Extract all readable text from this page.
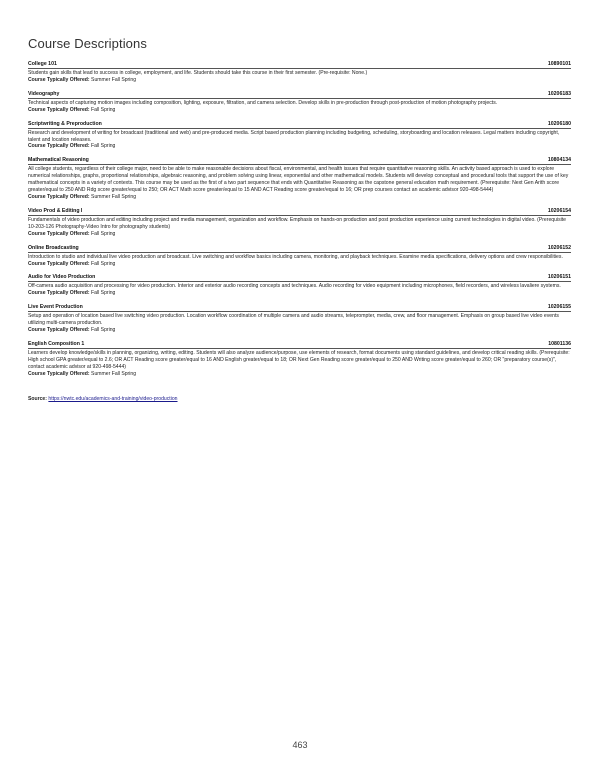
Course Descriptions
College 101	10890101
Students gain skills that lead to success in college, employment, and life. Students should take this course in their first semester. (Pre-requisite: None.)
Course Typically Offered: Summer Fall Spring
Videography	10206183
Technical aspects of capturing motion images including composition, lighting, exposure, filtration, and camera selection. Develop skills in pre-production through post-production of motion photography projects.
Course Typically Offered: Fall Spring
Scriptwriting & Preproduction	10206180
Research and development of writing for broadcast (traditional and web) and pre-produced media. Script based production planning including budgeting, scheduling, storyboarding and location releases. Legal matters including copyright, talent and location releases.
Course Typically Offered: Fall Spring
Mathematical Reasoning	10804134
All college students, regardless of their college major, need to be able to make reasonable decisions about fiscal, environmental, and health issues that require quantitative reasoning skills. An activity based approach is used to explore numerical relationships, graphs, proportional relationships, algebraic reasoning, and problem solving using linear, exponential and other mathematical models. Students will develop conceptual and procedural tools that support the use of key mathematical concepts in a variety of contexts. This course may be used as the first of a two part sequence that ends with Quantitative Reasoning as the capstone general education math requirement. (Prerequisite: Next Gen Arith score greater/equal to 250 AND Rdg score greater/equal to 250; OR ACT Math score greater/equal to 15 AND ACT Reading score greater/equal to 16; OR prep courses contact an academic advisor 920-498-5444)
Course Typically Offered: Summer Fall Spring
Video Prod & Editing I	10206154
Fundamentals of video production and editing including project and media management, organization and workflow. Emphasis on hands-on production and post production experience using current technologies in digital video. (Prerequisite 10-203-126 Photography-Video Intro for photography students)
Course Typically Offered: Fall Spring
Online Broadcasting	10206152
Introduction to studio and individual live video production and broadcast. Live switching and workflow basics including camera, monitoring, and playback techniques. Examine media specifications, delivery options and crew responsibilities.
Course Typically Offered: Fall Spring
Audio for Video Production	10206151
Off-camera audio acquisition and processing for video production. Interior and exterior audio recording concepts and techniques. Audio recording for video equipment including microphones, field recorders, and wireless lavaliere systems.
Course Typically Offered: Fall Spring
Live Event Production	10206155
Setup and operation of location based live switching video production. Location workflow coordination of multiple camera and audio streams, teleprompter, media, crew, and floor management. Emphasis on group based live video events utilizing multi-camera production.
Course Typically Offered: Fall Spring
English Composition 1	10801136
Learners develop knowledge/skills in planning, organizing, writing, editing. Students will also analyze audience/purpose, use elements of research, format documents using standard guidelines, and develop critical reading skills. (Prerequisite: High school GPA greater/equal to 2.6; OR ACT Reading score greater/equal to 16 AND English greater/equal to 18; OR Next Gen Reading score greater/equal to 250 AND Writing score greater/equal to 260; OR "preparatory course(s)", contact academic advisor at 920-498-5444)
Course Typically Offered: Summer Fall Spring
Source: https://nwtc.edu/academics-and-training/video-production
463
